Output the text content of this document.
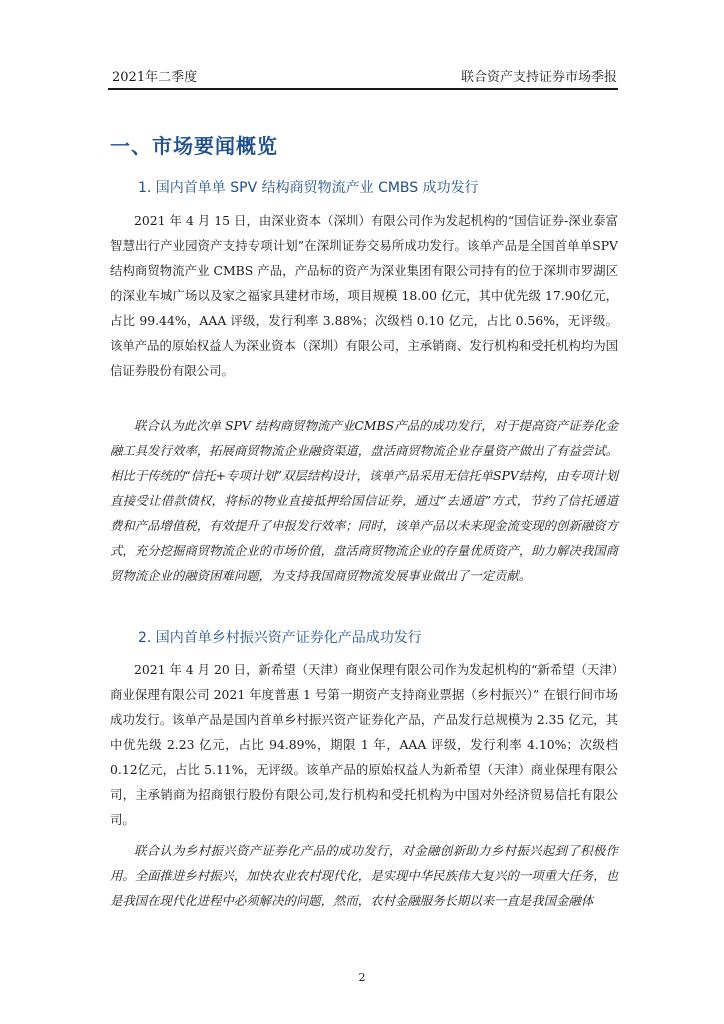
2021年二季度	联合资产支持证券市场季报
一、市场要闻概览
1. 国内首单单 SPV 结构商贸物流产业 CMBS 成功发行

2021 年 4 月 15 日，由深业资本（深圳）有限公司作为发起机构的“国信证券-深业泰富智慧出行产业园资产支持专项计划”在深圳证券交易所成功发行。该单产品是全国首单单SPV 结构商贸物流产业 CMBS 产品，产品标的资产为深业集团有限公司持有的位于深圳市罗湖区的深业车城广场以及家之福家具建材市场，项目规模 18.00 亿元，其中优先级 17.90亿元，占比 99.44%，AAA 评级，发行利率 3.88%；次级档 0.10 亿元，占比 0.56%，无评级。该单产品的原始权益人为深业资本（深圳）有限公司，主承销商、发行机构和受托机构均为国信证券股份有限公司。

联合认为此次单 SPV 结构商贸物流产业CMBS产品的成功发行，对于提高资产证券化金融工具发行效率，拓展商贸物流企业融资渠道，盘活商贸物流企业存量资产做出了有益尝试。相比于传统的“信托+专项计划”双层结构设计，该单产品采用无信托单SPV结构，由专项计划直接受让借款债权，将标的物业直接抵押给国信证券，通过“去通道”方式，节约了信托通道费和产品增值税，有效提升了申报发行效率；同时，该单产品以未来现金流变现的创新融资方式，充分挖掘商贸物流企业的市场价值，盘活商贸物流企业的存量优质资产，助力解决我国商贸物流企业的融资困难问题，为支持我国商贸物流发展事业做出了一定贡献。

2. 国内首单乡村振兴资产证券化产品成功发行

2021 年 4 月 20 日，新希望（天津）商业保理有限公司作为发起机构的“新希望（天津）商业保理有限公司 2021 年度普惠 1 号第一期资产支持商业票据（乡村振兴）” 在银行间市场成功发行。该单产品是国内首单乡村振兴资产证券化产品，产品发行总规模为 2.35 亿元，其中优先级 2.23 亿元，占比 94.89%，期限 1 年，AAA 评级，发行利率 4.10%；次级档 0.12亿元，占比 5.11%，无评级。该单产品的原始权益人为新希望（天津）商业保理有限公司，主承销商为招商银行股份有限公司,发行机构和受托机构为中国对外经济贸易信托有限公司。

联合认为乡村振兴资产证券化产品的成功发行，对金融创新助力乡村振兴起到了积极作用。全面推进乡村振兴，加快农业农村现代化，是实现中华民族伟大复兴的一项重大任务，也是我国在现代化进程中必须解决的问题，然而，农村金融服务长期以来一直是我国金融体

2
